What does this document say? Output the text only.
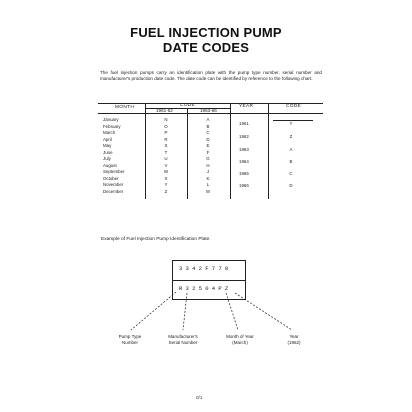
FUEL INJECTION PUMP
DATE CODES
The fuel injection pumps carry an identification plate with the pump type number, serial number and manufacturer's production date code. The date code can be identified by reference to the following chart.
MONTH	CODE	YEAR	CODE
1961-62	1963-66
January	N	A
February	O	B
March	P	C
April	R	D
May	S	E
June	T	F
July	U	G
August	V	H
September	W	J
October	X	K
November	Y	L
December	Z	M
1961	Y
1962	Z
1963	A
1964	B
1965	C
1966	D
Example of Fuel Injection Pump Identification Plate.
3342F770
R32504PZ
Pump Type
Number
Manufacturer's
Serial Number
Month of Year
(March)
Year
(1962)
0/1
